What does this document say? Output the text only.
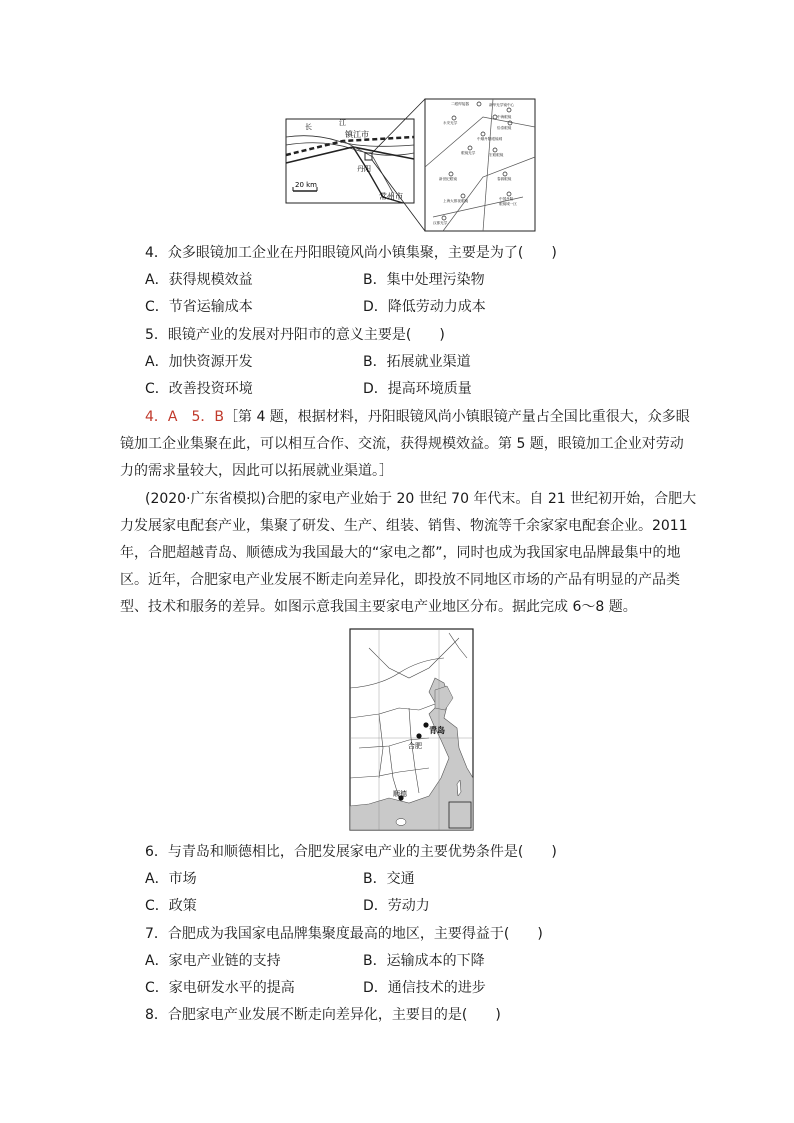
长	江
镇江市
丹阳
常州市
20 km
二眼焊接器	新华光学镜中心
中海眼镜
永安光学
恰泰眼镜
中顺丹阳眼镜城
眼镜光学	宏聪眼镜
新世纪眼镜	春源眼镜
上海大都视眼镜	中国丹阳
眼镜城一区
汉都光学
4．众多眼镜加工企业在丹阳眼镜风尚小镇集聚，主要是为了(　　)
A．获得规模效益	B．集中处理污染物
C．节省运输成本	D．降低劳动力成本
5．眼镜产业的发展对丹阳市的意义主要是(　　)
A．加快资源开发	B．拓展就业渠道
C．改善投资环境	D．提高环境质量
4．A　5．B［第 4 题，根据材料，丹阳眼镜风尚小镇眼镜产量占全国比重很大，众多眼
镜加工企业集聚在此，可以相互合作、交流，获得规模效益。第 5 题，眼镜加工企业对劳动
力的需求量较大，因此可以拓展就业渠道。］
(2020·广东省模拟)合肥的家电产业始于 20 世纪 70 年代末。自 21 世纪初开始，合肥大
力发展家电配套产业，集聚了研发、生产、组装、销售、物流等千余家家电配套企业。2011
年，合肥超越青岛、顺德成为我国最大的“家电之都”，同时也成为我国家电品牌最集中的地
区。近年，合肥家电产业发展不断走向差异化，即投放不同地区市场的产品有明显的产品类
型、技术和服务的差异。如图示意我国主要家电产业地区分布。据此完成 6～8 题。
青岛
合肥
顺德
6．与青岛和顺德相比，合肥发展家电产业的主要优势条件是(　　)
A．市场	B．交通
C．政策	D．劳动力
7．合肥成为我国家电品牌集聚度最高的地区，主要得益于(　　)
A．家电产业链的支持	B．运输成本的下降
C．家电研发水平的提高	D．通信技术的进步
8．合肥家电产业发展不断走向差异化，主要目的是(　　)
